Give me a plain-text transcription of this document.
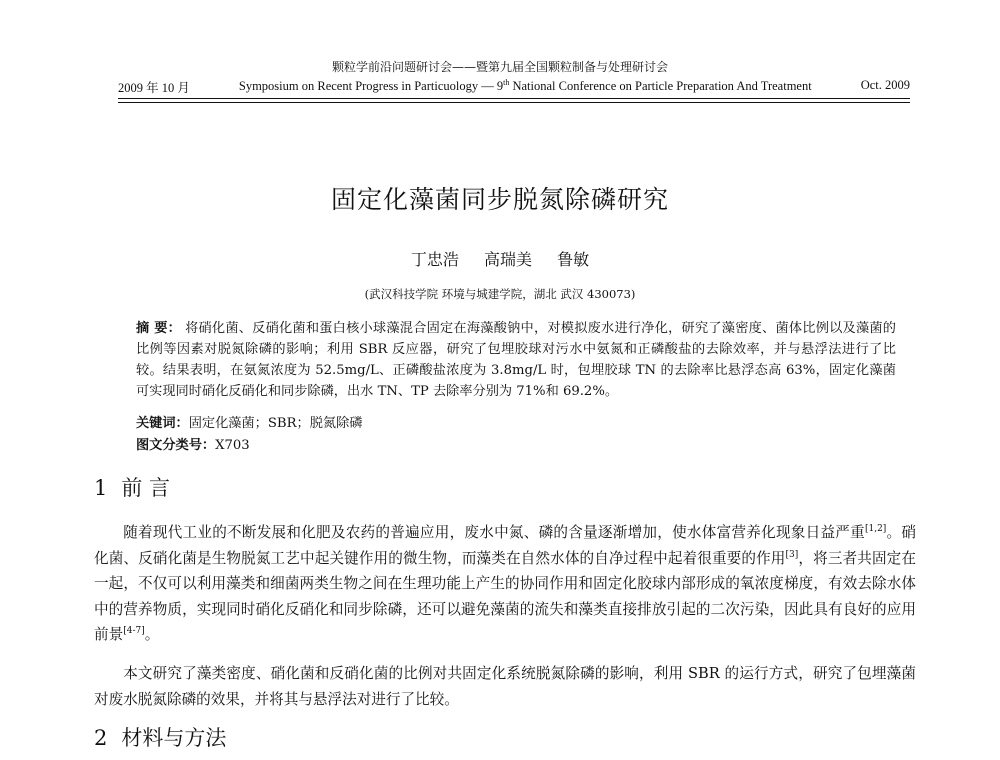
颗粒学前沿问题研讨会——暨第九届全国颗粒制备与处理研讨会
2009 年 10 月	Symposium on Recent Progress in Particuology — 9th National Conference on Particle Preparation And Treatment	Oct. 2009
固定化藻菌同步脱氮除磷研究
丁忠浩 高瑞美 鲁敏
(武汉科技学院 环境与城建学院，湖北 武汉 430073)
摘 要： 将硝化菌、反硝化菌和蛋白核小球藻混合固定在海藻酸钠中，对模拟废水进行净化，研究了藻密度、菌体比例以及藻菌的比例等因素对脱氮除磷的影响；利用 SBR 反应器，研究了包埋胶球对污水中氨氮和正磷酸盐的去除效率，并与悬浮法进行了比较。结果表明，在氨氮浓度为 52.5mg/L、正磷酸盐浓度为 3.8mg/L 时，包埋胶球 TN 的去除率比悬浮态高 63%，固定化藻菌可实现同时硝化反硝化和同步除磷，出水 TN、TP 去除率分别为 71%和 69.2%。
关键词：固定化藻菌；SBR；脱氮除磷
图文分类号：X703
1 前 言
随着现代工业的不断发展和化肥及农药的普遍应用，废水中氮、磷的含量逐渐增加，使水体富营养化现象日益严重[1,2]。硝化菌、反硝化菌是生物脱氮工艺中起关键作用的微生物，而藻类在自然水体的自净过程中起着很重要的作用[3]，将三者共固定在一起，不仅可以利用藻类和细菌两类生物之间在生理功能上产生的协同作用和固定化胶球内部形成的氧浓度梯度，有效去除水体中的营养物质，实现同时硝化反硝化和同步除磷，还可以避免藻菌的流失和藻类直接排放引起的二次污染，因此具有良好的应用前景[4-7]。
本文研究了藻类密度、硝化菌和反硝化菌的比例对共固定化系统脱氮除磷的影响，利用 SBR 的运行方式，研究了包埋藻菌对废水脱氮除磷的效果，并将其与悬浮法对进行了比较。
2 材料与方法
